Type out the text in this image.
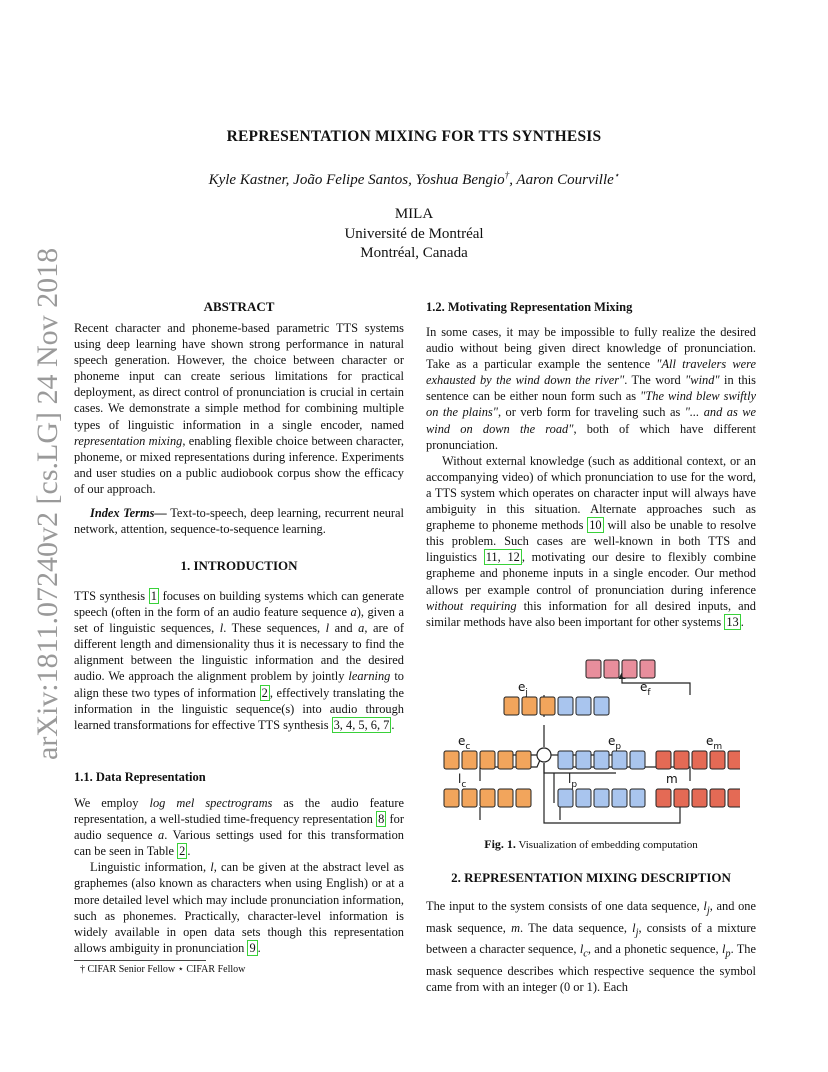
REPRESENTATION MIXING FOR TTS SYNTHESIS
Kyle Kastner, João Felipe Santos, Yoshua Bengio†, Aaron Courville⋆
MILA
Université de Montréal
Montréal, Canada
arXiv:1811.07240v2 [cs.LG] 24 Nov 2018	ABSTRACT

Recent character and phoneme-based parametric TTS systems using deep learning have shown strong performance in natural speech generation. However, the choice between character or phoneme input can create serious limitations for practical deployment, as direct control of pronunciation is crucial in certain cases. We demonstrate a simple method for combining multiple types of linguistic information in a single encoder, named representation mixing, enabling flexible choice between character, phoneme, or mixed representations during inference. Experiments and user studies on a public audiobook corpus show the efficacy of our approach.

Index Terms— Text-to-speech, deep learning, recurrent neural network, attention, sequence-to-sequence learning.

1. INTRODUCTION

TTS synthesis 1 focuses on building systems which can generate speech (often in the form of an audio feature sequence a), given a set of linguistic sequences, l. These sequences, l and a, are of different length and dimensionality thus it is necessary to find the alignment between the linguistic information and the desired audio. We approach the alignment problem by jointly learning to align these two types of information 2 , effectively translating the information in the linguistic sequence(s) into audio through learned transformations for effective TTS synthesis 3, 4, 5, 6, 7 .

1.1. Data Representation

We employ log mel spectrograms as the audio feature representation, a well-studied time-frequency representation 8 for audio sequence a. Various settings used for this transformation can be seen in Table 2 .

Linguistic information, l, can be given at the abstract level as graphemes (also known as characters when using English) or at a more detailed level which may include pronunciation information, such as phonemes. Practically, character-level information is widely available in open data sets though this representation allows ambiguity in pronunciation 9 .

† CIFAR Senior Fellow ⋆ CIFAR Fellow
1.2. Motivating Representation Mixing

In some cases, it may be impossible to fully realize the desired audio without being given direct knowledge of pronunciation. Take as a particular example the sentence "All travelers were exhausted by the wind down the river". The word "wind" in this sentence can be either noun form such as "The wind blew swiftly on the plains", or verb form for traveling such as "... and as we wind on down the road", both of which have different pronunciation.

Without external knowledge (such as additional context, or an accompanying video) of which pronunciation to use for the word, a TTS system which operates on character input will always have ambiguity in this situation. Alternate approaches such as grapheme to phoneme methods 10 will also be unable to resolve this problem. Such cases are well-known in both TTS and linguistics 11, 12 , motivating our desire to flexibly combine grapheme and phoneme inputs in a single encoder. Our method allows per example control of pronunciation during inference without requiring this information for all desired inputs, and similar methods have also been important for other systems 13 .

$e_j$	$e_f$
$e_c$	$e_p$	$e_m$
$l_c$	$l_p$	m
Fig. 1. Visualization of embedding computation
2. REPRESENTATION MIXING DESCRIPTION

The input to the system consists of one data sequence, $l_j$, and one mask sequence, m. The data sequence, $l_j$, consists of a mixture between a character sequence, $l_c$, and a phonetic sequence, $l_p$. The mask sequence describes which respective sequence the symbol came from with an integer (0 or 1). Each
